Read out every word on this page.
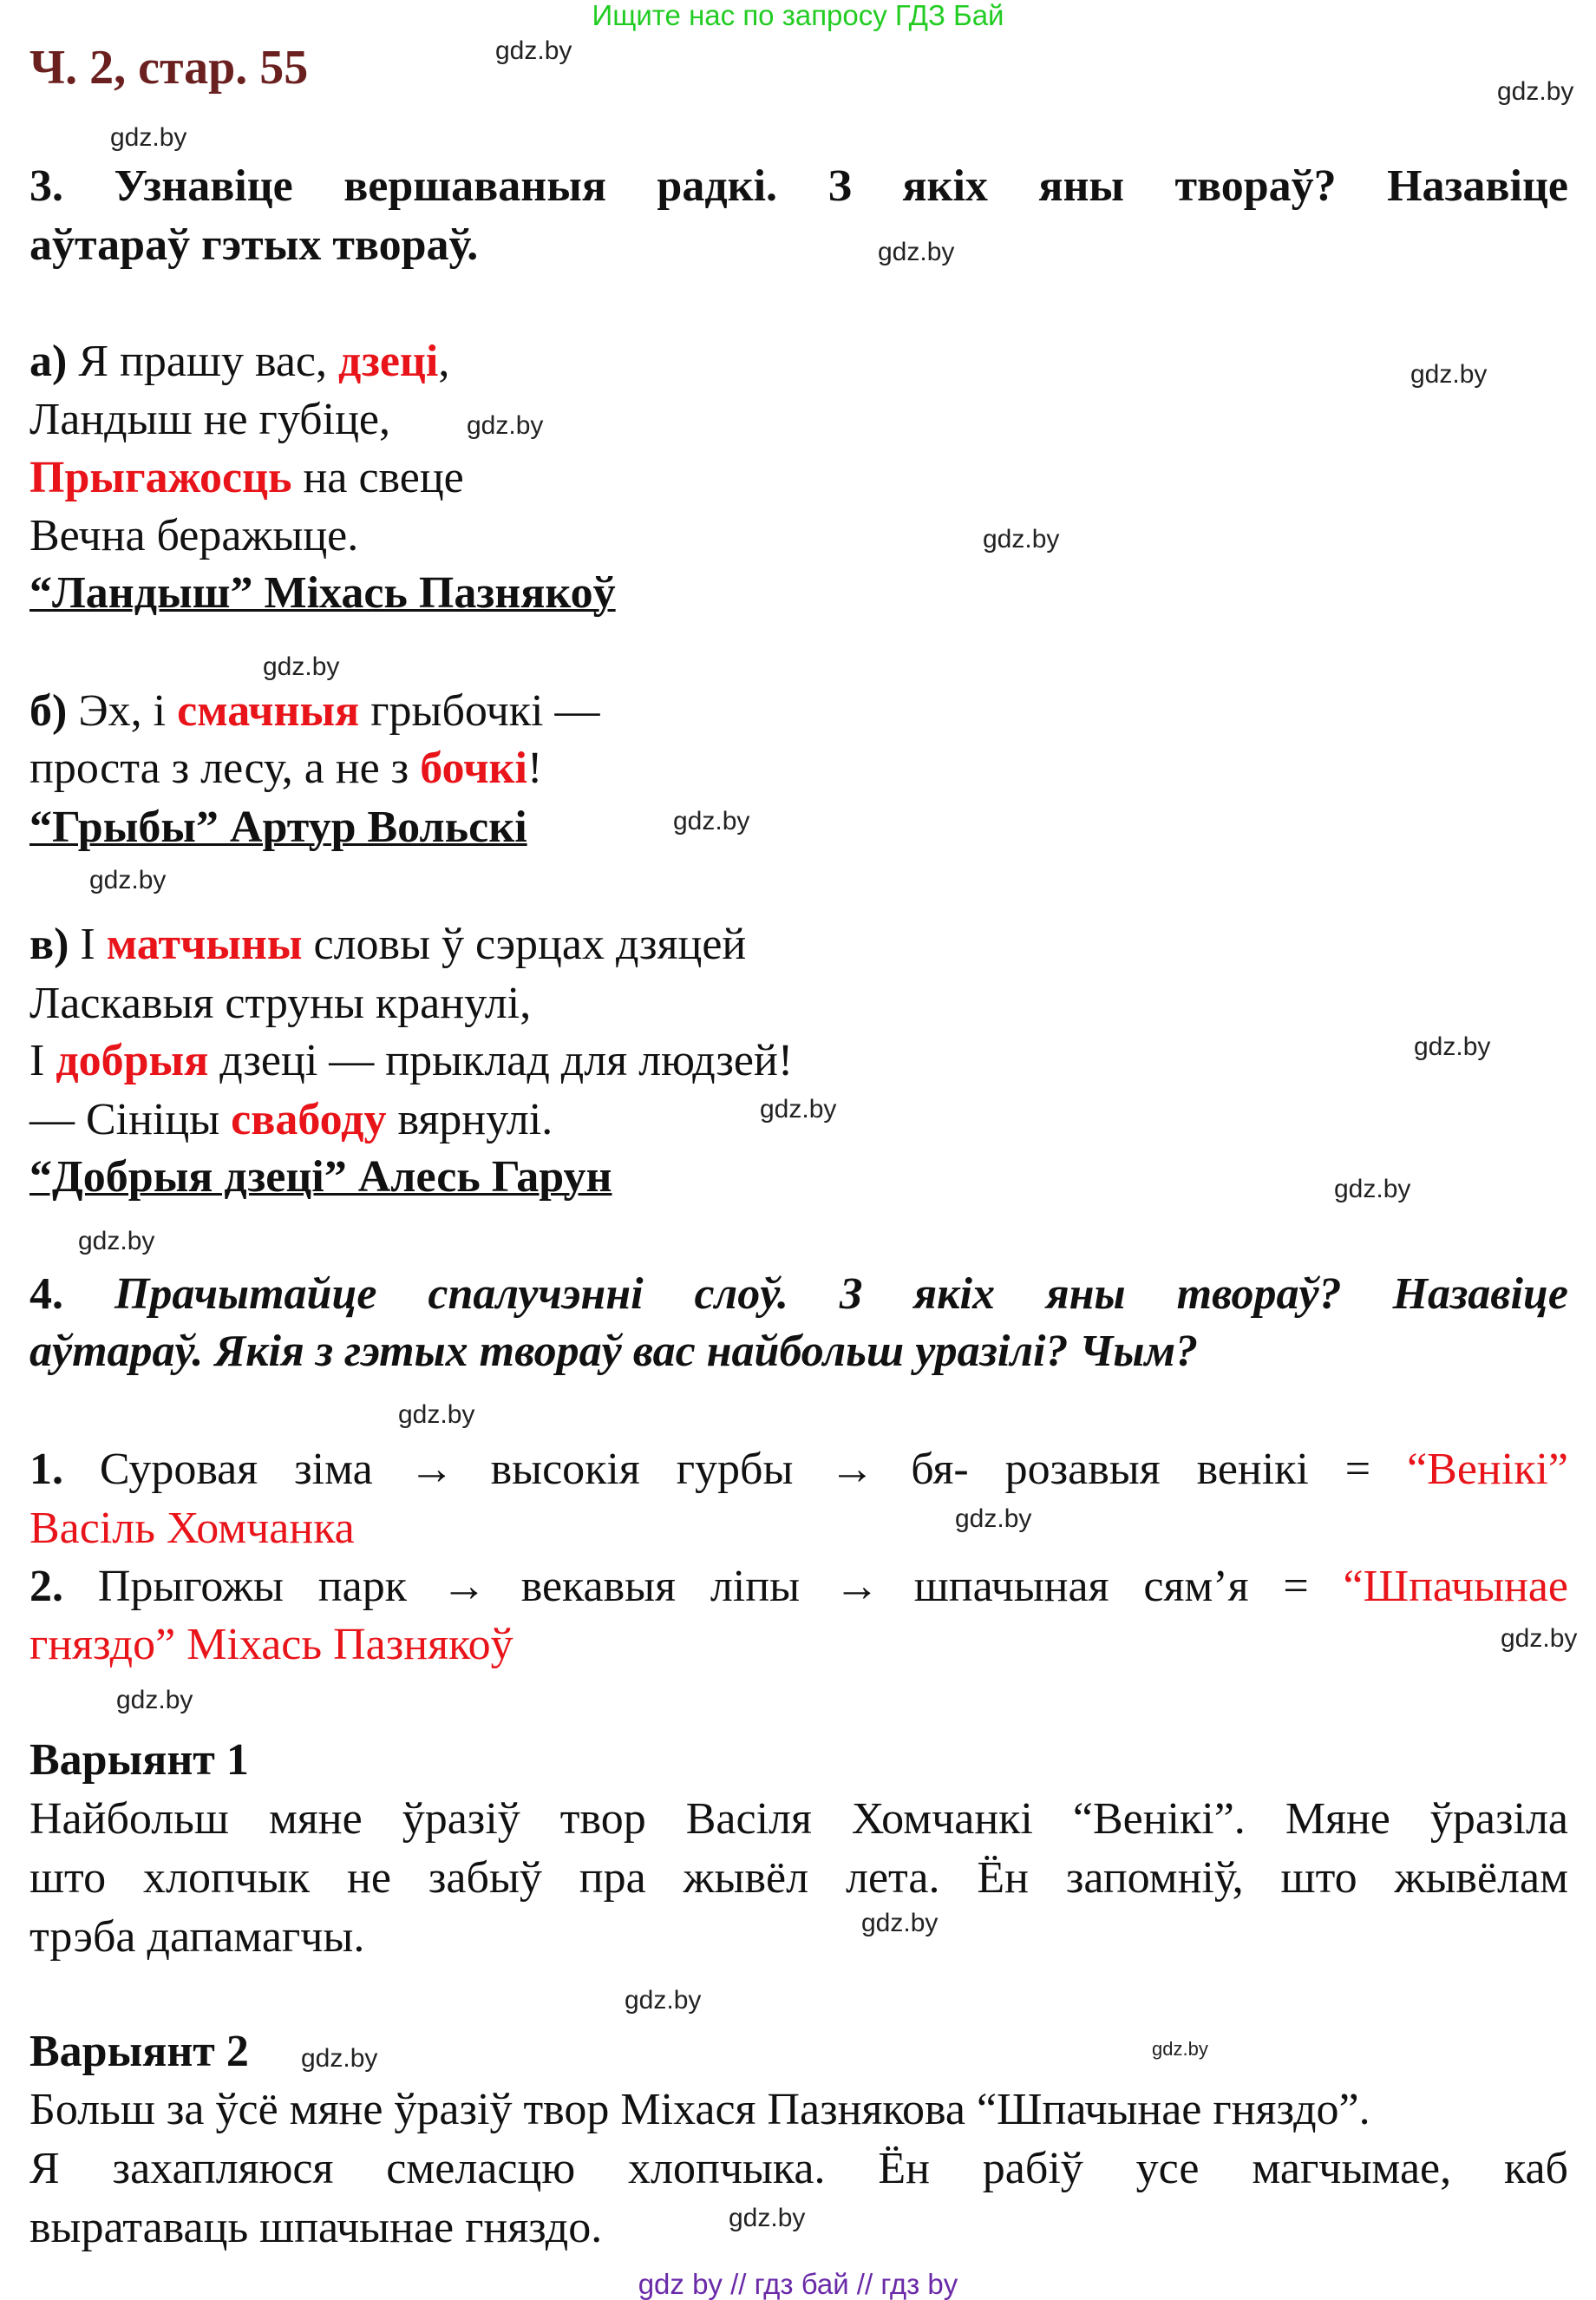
Ищите нас по запросу ГДЗ Бай
Ч. 2, стар. 55
3. Узнавіце вершаваныя радкі. З якіх яны твораў? Назавіце
аўтараў гэтых твораў.
а) Я прашу вас, дзеці,
Ландыш не губіце,
Прыгажосць на свеце
Вечна беражыце.
“Ландыш” Міхась Пазнякоў
б) Эх, і смачныя грыбочкі —
проста з лесу, а не з бочкі!
“Грыбы” Артур Вольскі
в) І матчыны словы ў сэрцах дзяцей
Ласкавыя струны кранулі,
І добрыя дзеці — прыклад для людзей!
— Сініцы свабоду вярнулі.
“Добрыя дзеці” Алесь Гарун
4. Прачытайце спалучэнні слоў. З якіх яны твораў? Назавіце
аўтараў. Якія з гэтых твораў вас найбольш уразілі? Чым?
1. Суровая зіма → высокія гурбы → бя- розавыя венікі = “Венікі”
Васіль Хомчанка
2. Прыгожы парк → векавыя ліпы → шпачыная сям’я = “Шпачынае
гняздо” Міхась Пазнякоў
Варыянт 1
Найбольш мяне ўразіў твор Васіля Хомчанкі “Венікі”. Мяне ўразіла
што хлопчык не забыў пра жывёл лета. Ён запомніў, што жывёлам
трэба дапамагчы.
Варыянт 2
Больш за ўсё мяне ўразіў твор Міхася Пазнякова “Шпачынае гняздо”.
Я захапляюся смеласцю хлопчыка. Ён рабіў усе магчымае, каб
выратаваць шпачынае гняздо.
gdz.by
gdz.by
gdz.by
gdz.by
gdz.by
gdz.by
gdz.by
gdz.by
gdz.by
gdz.by
gdz.by
gdz.by
gdz.by
gdz.by
gdz.by
gdz.by
gdz.by
gdz.by
gdz.by
gdz.by
gdz.by	gdz.by
gdz.by
gdz by // гдз бай // гдз by
